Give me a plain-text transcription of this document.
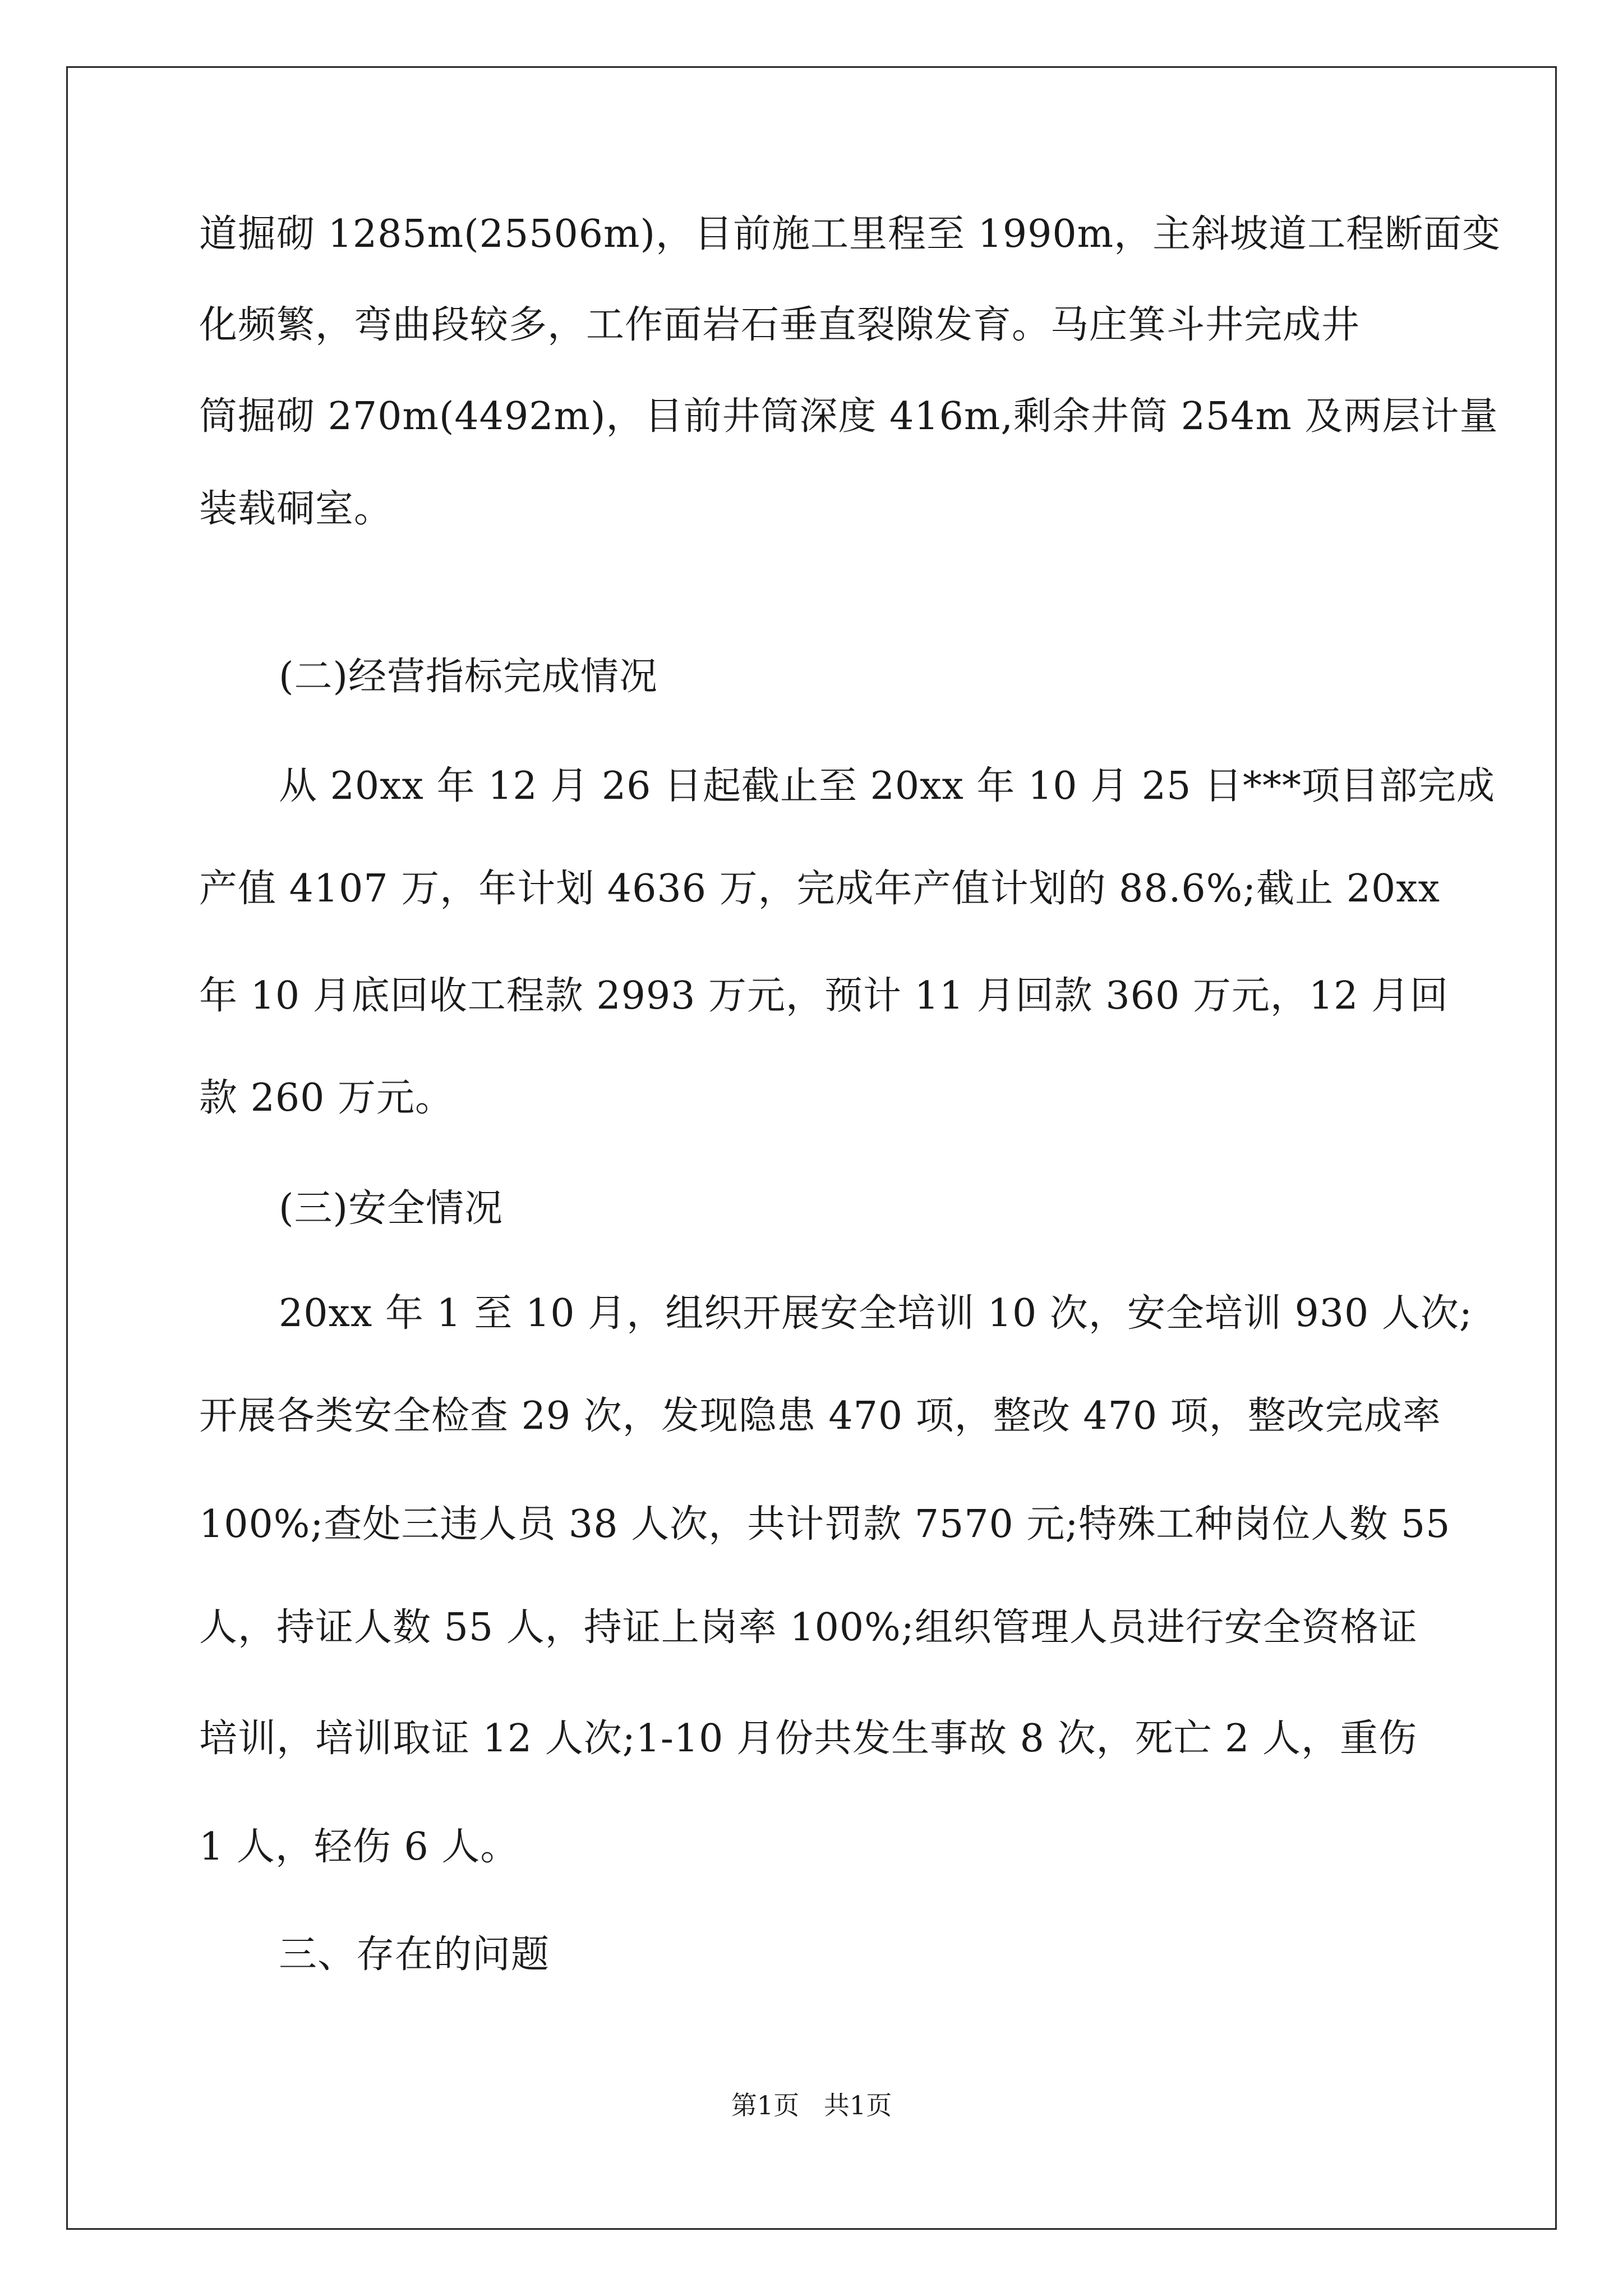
道掘砌 1285m(25506m)，目前施工里程至 1990m，主斜坡道工程断面变
化频繁，弯曲段较多，工作面岩石垂直裂隙发育。马庄箕斗井完成井
筒掘砌 270m(4492m)，目前井筒深度 416m,剩余井筒 254m 及两层计量
装载硐室。
(二)经营指标完成情况
从 20xx 年 12 月 26 日起截止至 20xx 年 10 月 25 日***项目部完成
产值 4107 万，年计划 4636 万，完成年产值计划的 88.6%;截止 20xx
年 10 月底回收工程款 2993 万元，预计 11 月回款 360 万元，12 月回
款 260 万元。
(三)安全情况
20xx 年 1 至 10 月，组织开展安全培训 10 次，安全培训 930 人次;
开展各类安全检查 29 次，发现隐患 470 项，整改 470 项，整改完成率
100%;查处三违人员 38 人次，共计罚款 7570 元;特殊工种岗位人数 55
人，持证人数 55 人，持证上岗率 100%;组织管理人员进行安全资格证
培训，培训取证 12 人次;1-10 月份共发生事故 8 次，死亡 2 人，重伤
1 人，轻伤 6 人。
三、存在的问题
第1页   共1页
